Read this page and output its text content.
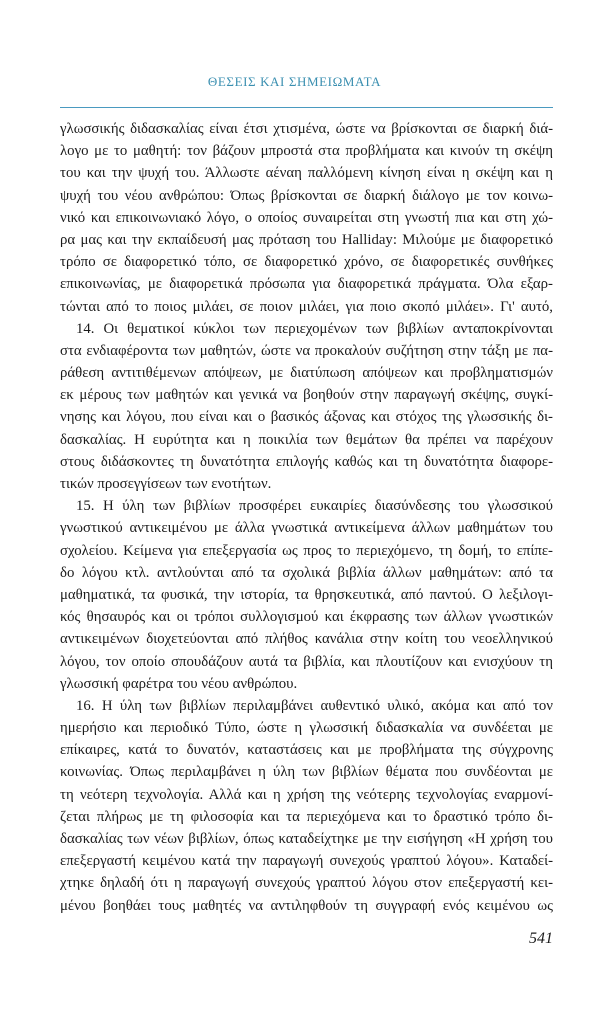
ΘΕΣΕΙΣ ΚΑΙ ΣΗΜΕΙΩΜΑΤΑ
γλωσσικής διδασκαλίας είναι έτσι χτισμένα, ώστε να βρίσκονται σε διαρκή διά-
λογο με το μαθητή: τον βάζουν μπροστά στα προβλήματα και κινούν τη σκέψη
του και την ψυχή του. Άλλωστε αέναη παλλόμενη κίνηση είναι η σκέψη και η
ψυχή του νέου ανθρώπου: Όπως βρίσκονται σε διαρκή διάλογο με τον κοινω-
νικό και επικοινωνιακό λόγο, ο οποίος συναιρείται στη γνωστή πια και στη χώ-
ρα μας και την εκπαίδευσή μας πρόταση του Halliday: Μιλούμε με διαφορετικό
τρόπο σε διαφορετικό τόπο, σε διαφορετικό χρόνο, σε διαφορετικές συνθήκες
επικοινωνίας, με διαφορετικά πρόσωπα για διαφορετικά πράγματα. Όλα εξαρ-
τώνται από το ποιος μιλάει, σε ποιον μιλάει, για ποιο σκοπό μιλάει». Γι' αυτό,
14. Οι θεματικοί κύκλοι των περιεχομένων των βιβλίων ανταποκρίνονται
στα ενδιαφέροντα των μαθητών, ώστε να προκαλούν συζήτηση στην τάξη με πα-
ράθεση αντιτιθέμενων απόψεων, με διατύπωση απόψεων και προβληματισμών
εκ μέρους των μαθητών και γενικά να βοηθούν στην παραγωγή σκέψης, συγκί-
νησης και λόγου, που είναι και ο βασικός άξονας και στόχος της γλωσσικής δι-
δασκαλίας. Η ευρύτητα και η ποικιλία των θεμάτων θα πρέπει να παρέχουν
στους διδάσκοντες τη δυνατότητα επιλογής καθώς και τη δυνατότητα διαφορε-
τικών προσεγγίσεων των ενοτήτων.
15. Η ύλη των βιβλίων προσφέρει ευκαιρίες διασύνδεσης του γλωσσικού
γνωστικού αντικειμένου με άλλα γνωστικά αντικείμενα άλλων μαθημάτων του
σχολείου. Κείμενα για επεξεργασία ως προς το περιεχόμενο, τη δομή, το επίπε-
δο λόγου κτλ. αντλούνται από τα σχολικά βιβλία άλλων μαθημάτων: από τα
μαθηματικά, τα φυσικά, την ιστορία, τα θρησκευτικά, από παντού. Ο λεξιλογι-
κός θησαυρός και οι τρόποι συλλογισμού και έκφρασης των άλλων γνωστικών
αντικειμένων διοχετεύονται από πλήθος κανάλια στην κοίτη του νεοελληνικού
λόγου, τον οποίο σπουδάζουν αυτά τα βιβλία, και πλουτίζουν και ενισχύουν τη
γλωσσική φαρέτρα του νέου ανθρώπου.
16. Η ύλη των βιβλίων περιλαμβάνει αυθεντικό υλικό, ακόμα και από τον
ημερήσιο και περιοδικό Τύπο, ώστε η γλωσσική διδασκαλία να συνδέεται με
επίκαιρες, κατά το δυνατόν, καταστάσεις και με προβλήματα της σύγχρονης
κοινωνίας. Όπως περιλαμβάνει η ύλη των βιβλίων θέματα που συνδέονται με
τη νεότερη τεχνολογία. Αλλά και η χρήση της νεότερης τεχνολογίας εναρμονί-
ζεται πλήρως με τη φιλοσοφία και τα περιεχόμενα και το δραστικό τρόπο δι-
δασκαλίας των νέων βιβλίων, όπως καταδείχτηκε με την εισήγηση «Η χρήση του
επεξεργαστή κειμένου κατά την παραγωγή συνεχούς γραπτού λόγου». Καταδεί-
χτηκε δηλαδή ότι η παραγωγή συνεχούς γραπτού λόγου στον επεξεργαστή κει-
μένου βοηθάει τους μαθητές να αντιληφθούν τη συγγραφή ενός κειμένου ως
541
